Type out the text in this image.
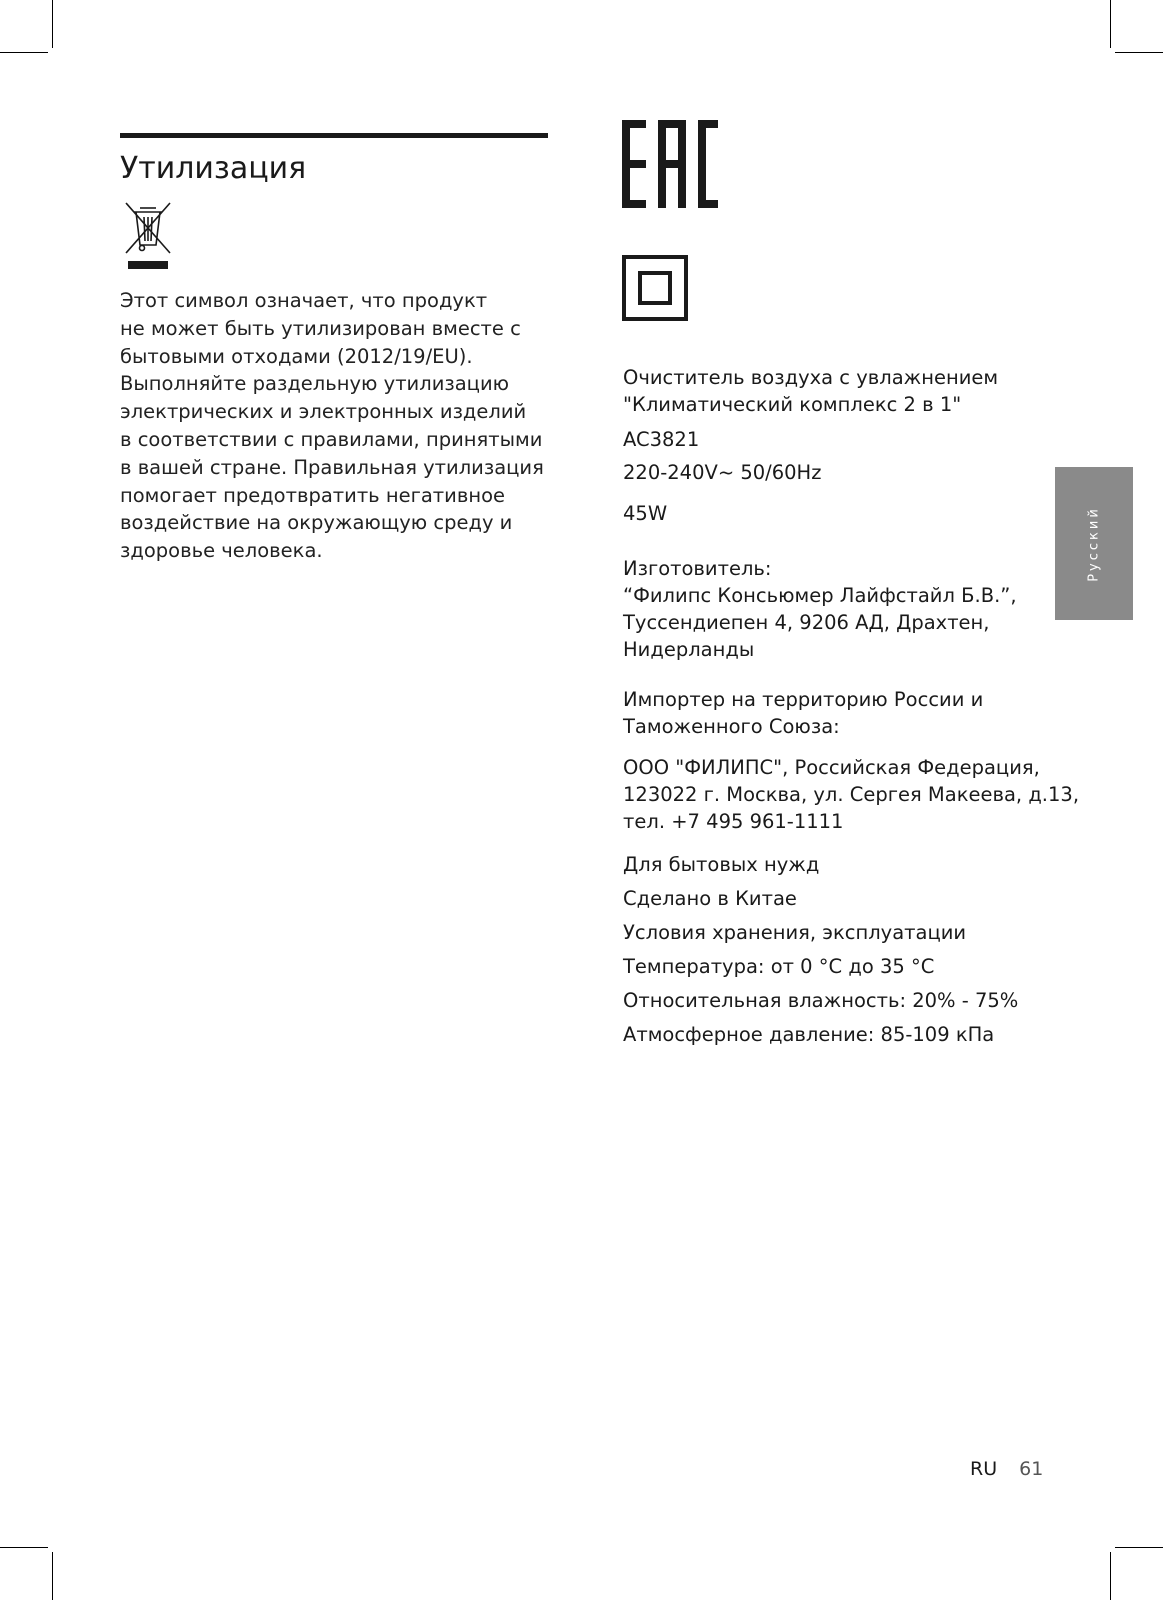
Утилизация
Этот символ означает, что продукт
не может быть утилизирован вместе с
бытовыми отходами (2012/19/EU).
Выполняйте раздельную утилизацию
электрических и электронных изделий
в соответствии с правилами, принятыми
в вашей стране. Правильная утилизация
помогает предотвратить негативное
воздействие на окружающую среду и
здоровье человека.
Очиститель воздуха с увлажнением
"Климатический комплекс 2 в 1"
AC3821
220-240V~ 50/60Hz
45W
Изготовитель:
“Филипс Консьюмер Лайфстайл Б.В.”,
Туссендиепен 4, 9206 АД, Драхтен,
Нидерланды
Импортер на территорию России и
Таможенного Союза:
ООО "ФИЛИПС", Российская Федерация,
123022 г. Москва, ул. Сергея Макеева, д.13,
тел. +7 495 961-1111
Для бытовых нужд
Сделано в Китае
Условия хранения, эксплуатации
Температура: от 0 °С до 35 °С
Относительная влажность: 20% - 75%
Атмосферное давление: 85-109 кПа
Русский
RU 61
